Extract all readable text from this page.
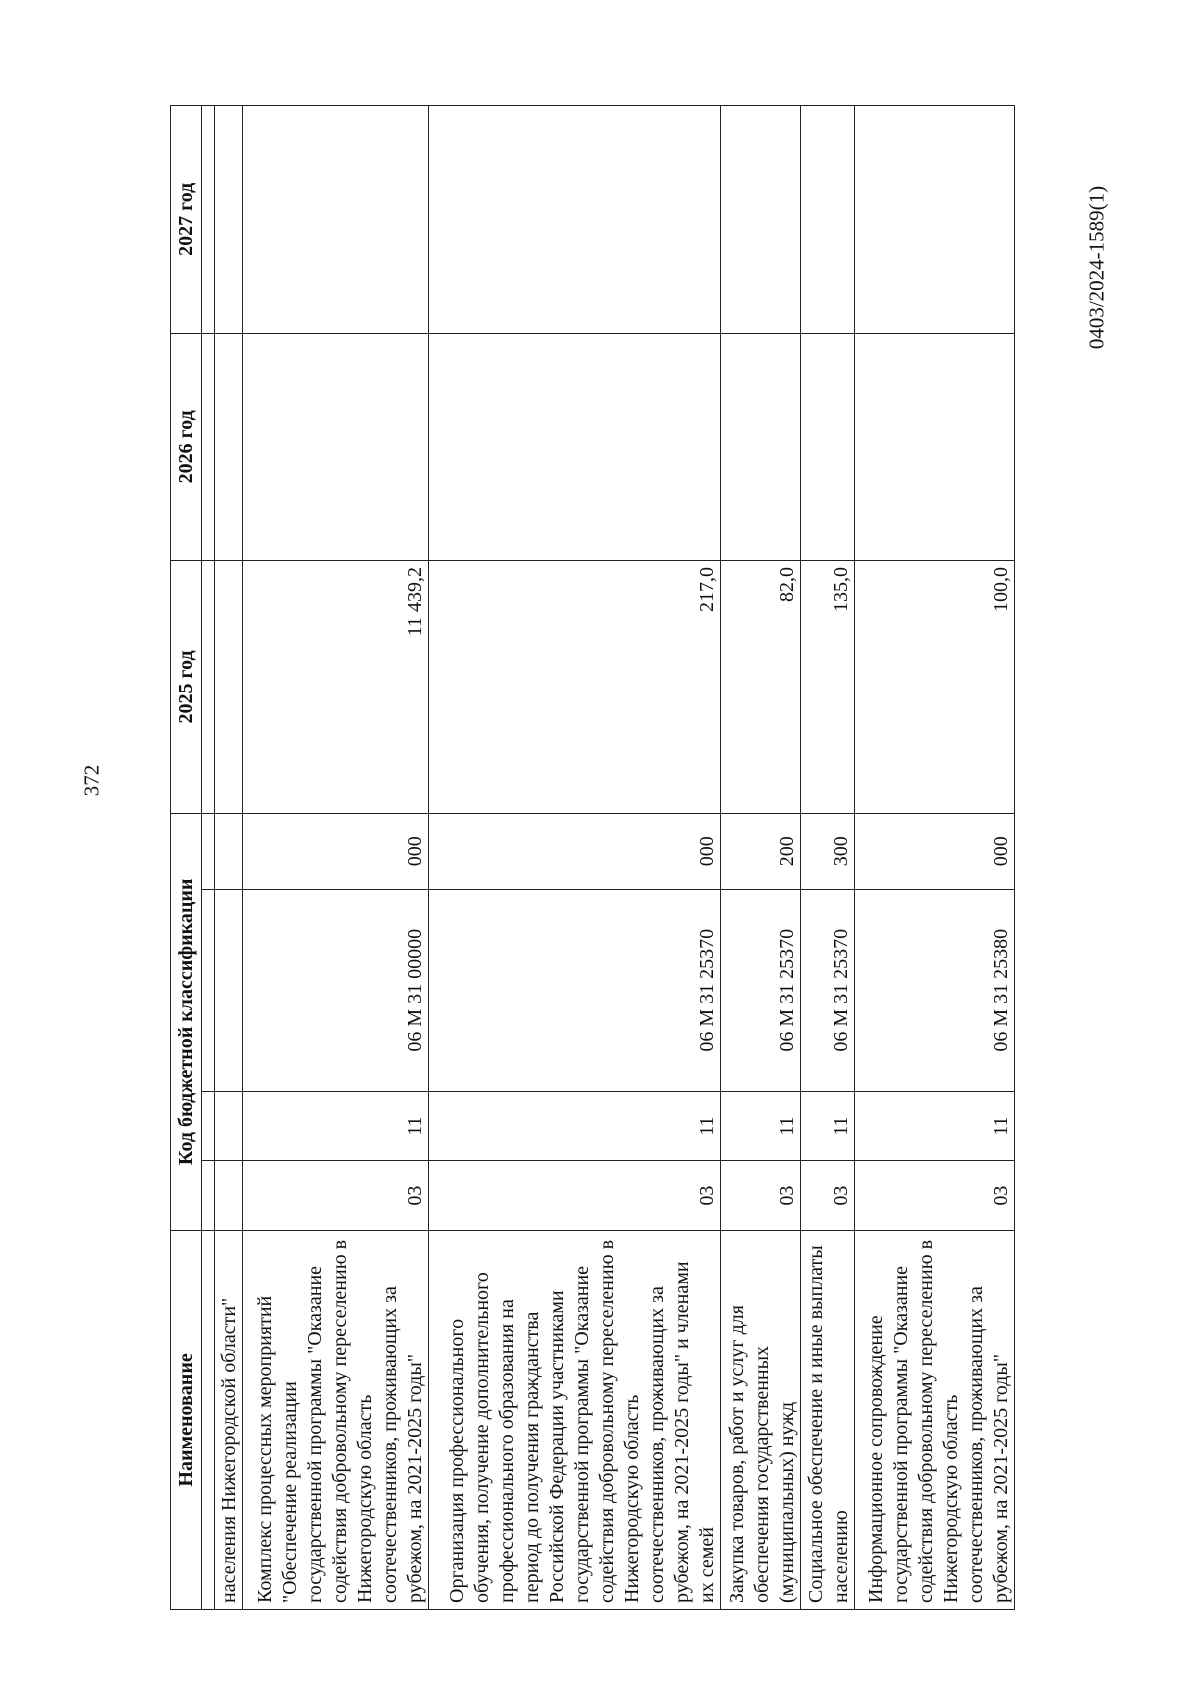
372
0403/2024-1589(1)
Наименование	Код бюджетной классификации				2025 год	2026 год	2027 год

населения Нижегородской области"							
Комплекс процессных мероприятий "Обеспечение реализации государственной программы "Оказание содействия добровольному переселению в Нижегородскую область соотечественников, проживающих за рубежом, на 2021-2025 годы"	03	11	06 М 31 00000	000	11 439,2		
Организация профессионального обучения, получение дополнительного профессионального образования на период до получения гражданства Российской Федерации участниками государственной программы "Оказание содействия добровольному переселению в Нижегородскую область соотечественников, проживающих за рубежом, на 2021-2025 годы" и членами их семей	03	11	06 М 31 25370	000	217,0		
Закупка товаров, работ и услуг для обеспечения государственных (муниципальных) нужд	03	11	06 М 31 25370	200	82,0		
Социальное обеспечение и иные выплаты населению	03	11	06 М 31 25370	300	135,0		
Информационное сопровождение государственной программы "Оказание содействия добровольному переселению в Нижегородскую область соотечественников, проживающих за рубежом, на 2021-2025 годы"	03	11	06 М 31 25380	000	100,0		
